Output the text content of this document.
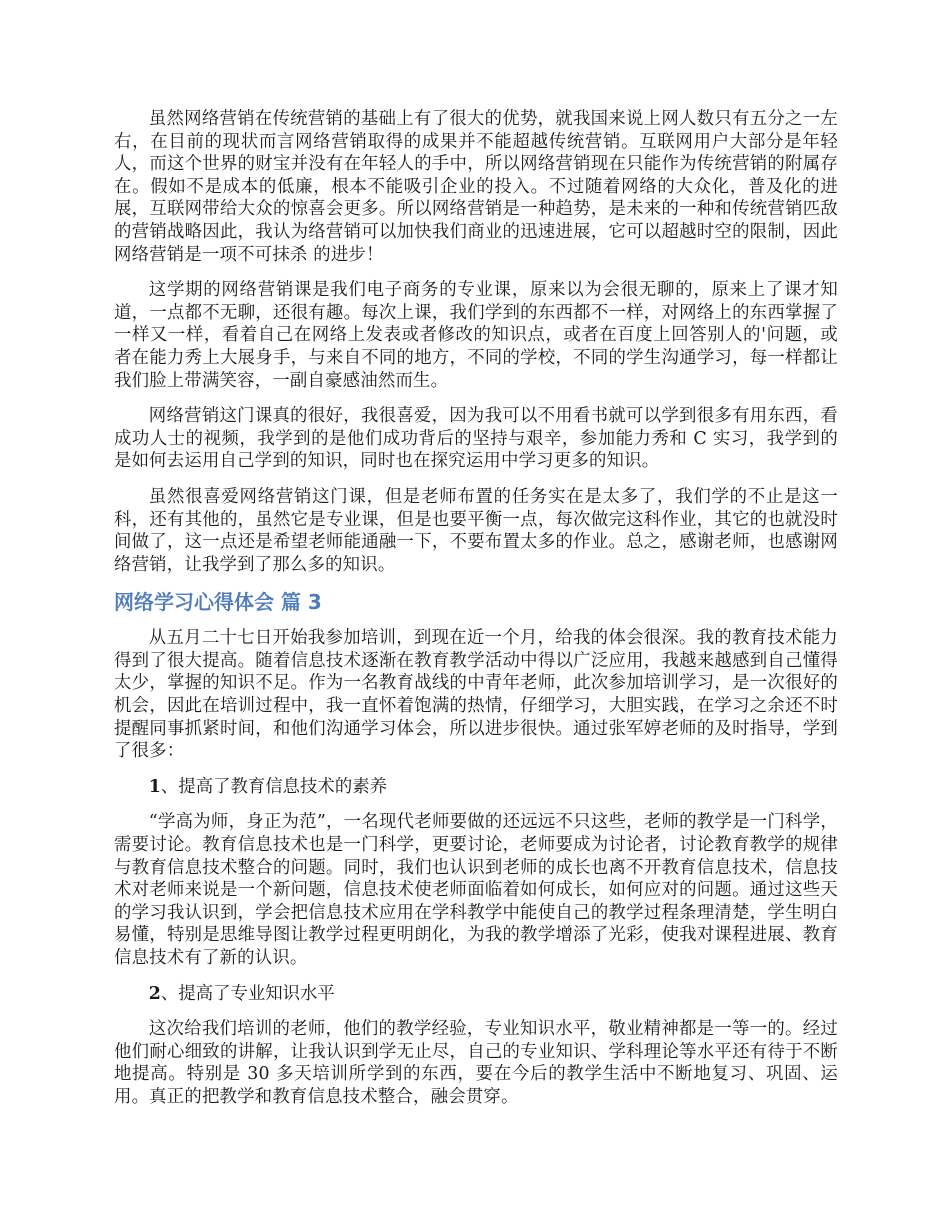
虽然网络营销在传统营销的基础上有了很大的优势，就我国来说上网人数只有五分之一左右，在目前的现状而言网络营销取得的成果并不能超越传统营销。互联网用户大部分是年轻人，而这个世界的财宝并没有在年轻人的手中，所以网络营销现在只能作为传统营销的附属存在。假如不是成本的低廉，根本不能吸引企业的投入。不过随着网络的大众化，普及化的进展，互联网带给大众的惊喜会更多。所以网络营销是一种趋势，是未来的一种和传统营销匹敌的营销战略因此，我认为络营销可以加快我们商业的迅速进展，它可以超越时空的限制，因此网络营销是一项不可抹杀 的进步！

这学期的网络营销课是我们电子商务的专业课，原来以为会很无聊的，原来上了课才知道，一点都不无聊，还很有趣。每次上课，我们学到的东西都不一样，对网络上的东西掌握了一样又一样，看着自己在网络上发表或者修改的知识点，或者在百度上回答别人的'问题，或者在能力秀上大展身手，与来自不同的地方，不同的学校，不同的学生沟通学习，每一样都让我们脸上带满笑容，一副自豪感油然而生。

网络营销这门课真的很好，我很喜爱，因为我可以不用看书就可以学到很多有用东西，看成功人士的视频，我学到的是他们成功背后的坚持与艰辛，参加能力秀和 C 实习，我学到的是如何去运用自己学到的知识，同时也在探究运用中学习更多的知识。

虽然很喜爱网络营销这门课，但是老师布置的任务实在是太多了，我们学的不止是这一科，还有其他的，虽然它是专业课，但是也要平衡一点，每次做完这科作业，其它的也就没时间做了，这一点还是希望老师能通融一下，不要布置太多的作业。总之，感谢老师，也感谢网络营销，让我学到了那么多的知识。

网络学习心得体会 篇 3

从五月二十七日开始我参加培训，到现在近一个月，给我的体会很深。我的教育技术能力得到了很大提高。随着信息技术逐渐在教育教学活动中得以广泛应用，我越来越感到自己懂得太少，掌握的知识不足。作为一名教育战线的中青年老师，此次参加培训学习，是一次很好的机会，因此在培训过程中，我一直怀着饱满的热情，仔细学习，大胆实践，在学习之余还不时提醒同事抓紧时间，和他们沟通学习体会，所以进步很快。通过张军婷老师的及时指导，学到了很多：

1、提高了教育信息技术的素养

“学高为师，身正为范”，一名现代老师要做的还远远不只这些，老师的教学是一门科学，需要讨论。教育信息技术也是一门科学，更要讨论，老师要成为讨论者，讨论教育教学的规律与教育信息技术整合的问题。同时，我们也认识到老师的成长也离不开教育信息技术，信息技术对老师来说是一个新问题，信息技术使老师面临着如何成长，如何应对的问题。通过这些天的学习我认识到，学会把信息技术应用在学科教学中能使自己的教学过程条理清楚，学生明白易懂，特别是思维导图让教学过程更明朗化，为我的教学增添了光彩，使我对课程进展、教育信息技术有了新的认识。

2、提高了专业知识水平

这次给我们培训的老师，他们的教学经验，专业知识水平，敬业精神都是一等一的。经过他们耐心细致的讲解，让我认识到学无止尽，自己的专业知识、学科理论等水平还有待于不断地提高。特别是 30 多天培训所学到的东西，要在今后的教学生活中不断地复习、巩固、运用。真正的把教学和教育信息技术整合，融会贯穿。
